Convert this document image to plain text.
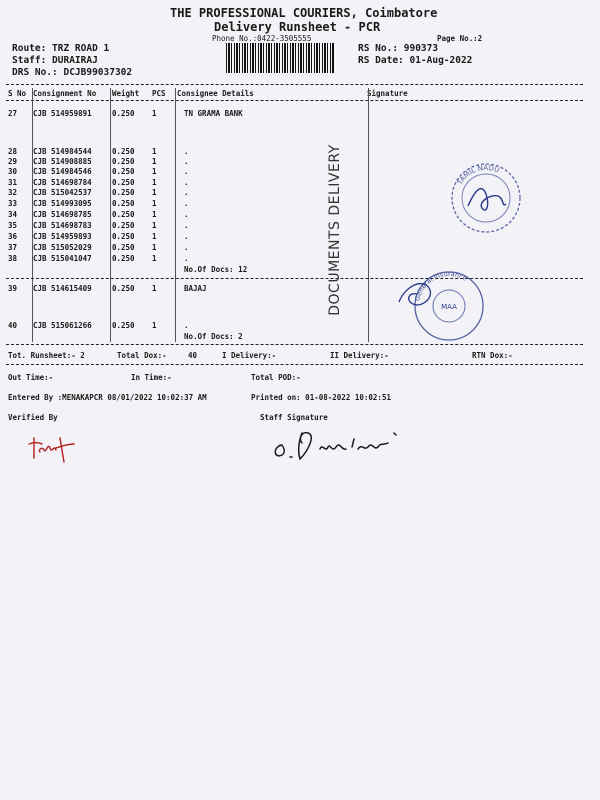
THE PROFESSIONAL COURIERS, Coimbatore
Delivery Runsheet - PCR
Phone No.:0422-3505555	Page No.:2
Route: TRZ ROAD 1
Staff: DURAIRAJ
DRS No.: DCJB99037302
RS No.: 990373
RS Date: 01-Aug-2022
S No Consignment No Weight PCS Consignee Details	Signature
27 CJB 514959891	0.250 1	TN GRAMA BANK
28 CJB 514984544	0.250 1	.
29 CJB 514908885	0.250 1	.
30 CJB 514984546	0.250 1	.
31 CJB 514698784	0.250 1	.
32 CJB 515042537	0.250 1	.
33 CJB 514993095	0.250 1	.
34 CJB 514698785	0.250 1	.
35 CJB 514698783	0.250 1	.
36 CJB 514959893	0.250 1	.
37 CJB 515052029	0.250 1	.
38 CJB 515041047	0.250 1	.
No.Of Docs: 12
39 CJB 514615409	0.250 1	BAJAJ
40 CJB 515061266	0.250 1	.
No.Of Docs: 2
DOCUMENTS DELIVERY	TAMIL NADU
General Insurance
MAA
Tot. Runsheet:- 2	Total Dox:-	40	I Delivery:-	II Delivery:-	RTN Dox:-
Out Time:-	In Time:-	Total POD:-
Entered By :MENAKAPCR 08/01/2022 10:02:37 AM	Printed on: 01-08-2022 10:02:51
Verified By	Staff Signature
